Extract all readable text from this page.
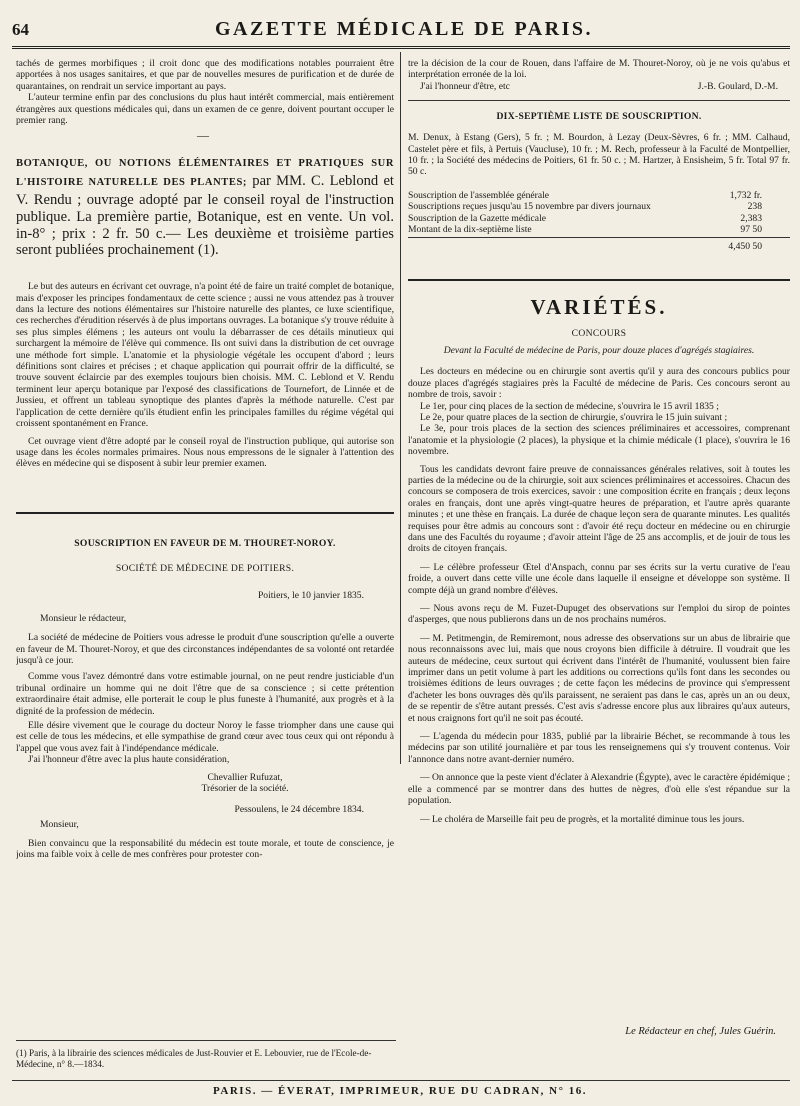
64	GAZETTE MÉDICALE DE PARIS.

tachés de germes morbifiques ; il croit donc que des modifications notables pourraient être apportées à nos usages sanitaires, et que par de nouvelles mesures de purification et de durée de quarantaines, on rendrait un service important au pays.

L'auteur termine enfin par des conclusions du plus haut intérêt commercial, mais entièrement étrangères aux questions médicales qui, dans un examen de ce genre, doivent pourtant occuper le premier rang.

—
BOTANIQUE, OU NOTIONS ÉLÉMENTAIRES ET PRATIQUES SUR L'HISTOIRE NATURELLE DES PLANTES; par MM. C. Leblond et V. Rendu ; ouvrage adopté par le conseil royal de l'instruction publique. La première partie, Botanique, est en vente. Un vol. in-8° ; prix : 2 fr. 50 c.— Les deuxième et troisième parties seront publiées prochainement (1).

Le but des auteurs en écrivant cet ouvrage, n'a point été de faire un traité complet de botanique, mais d'exposer les principes fondamentaux de cette science ; aussi ne vous attendez pas à trouver dans la lecture des notions élémentaires sur l'histoire naturelle des plantes, ce luxe scientifique, ces recherches d'érudition réservés à de plus importans ouvrages. La botanique s'y trouve réduite à ses plus simples élémens ; les auteurs ont voulu la débarrasser de ces détails minutieux qui surchargent la mémoire de l'élève qui commence. Ils ont suivi dans la distribution de cet ouvrage une méthode fort simple. L'anatomie et la physiologie végétale les occupent d'abord ; leurs définitions sont claires et précises ; et chaque application qui pourrait offrir de la difficulté, se trouve souvent éclaircie par des exemples toujours bien choisis. MM. C. Leblond et V. Rendu terminent leur aperçu botanique par l'exposé des classifications de Tournefort, de Linnée et de Jussieu, et offrent un tableau synoptique des plantes d'après la méthode naturelle. C'est par l'application de cette dernière qu'ils étudient enfin les principales familles du régime végétal qui croissent spontanément en France.

Cet ouvrage vient d'être adopté par le conseil royal de l'instruction publique, qui autorise son usage dans les écoles normales primaires. Nous nous empressons de le signaler à l'attention des élèves en médecine qui se disposent à subir leur premier examen.

SOUSCRIPTION EN FAVEUR DE M. THOURET-NOROY.
SOCIÉTÉ DE MÉDECINE DE POITIERS.
Poitiers, le 10 janvier 1835.

Monsieur le rédacteur,

La société de médecine de Poitiers vous adresse le produit d'une souscription qu'elle a ouverte en faveur de M. Thouret-Noroy, et que des circonstances indépendantes de sa volonté ont retardée jusqu'à ce jour.

Comme vous l'avez démontré dans votre estimable journal, on ne peut rendre justiciable d'un tribunal ordinaire un homme qui ne doit l'être que de sa conscience ; si cette prétention extraordinaire était admise, elle porterait le coup le plus funeste à l'humanité, aux progrès et à la dignité de la profession de médecin.

Elle désire vivement que le courage du docteur Noroy le fasse triompher dans une cause qui est celle de tous les médecins, et elle sympathise de grand cœur avec tous ceux qui ont répondu à l'appel que vous avez fait à l'indépendance médicale.

J'ai l'honneur d'être avec la plus haute considération,

Chevallier Rufuzat,
Trésorier de la société.
Pessoulens, le 24 décembre 1834.

Monsieur,

Bien convaincu que la responsabilité du médecin est toute morale, et toute de conscience, je joins ma faible voix à celle de mes confrères pour protester con-

(1) Paris, à la librairie des sciences médicales de Just-Rouvier et E. Lebouvier, rue de l'Ecole-de-Médecine, n° 8.—1834.

tre la décision de la cour de Rouen, dans l'affaire de M. Thouret-Noroy, où je ne vois qu'abus et interprétation erronée de la loi.

J'ai l'honneur d'être, etc	J.-B. Goulard, D.-M.
DIX-SEPTIÈME LISTE DE SOUSCRIPTION.

M. Denux, à Estang (Gers), 5 fr. ; M. Bourdon, à Lezay (Deux-Sèvres, 6 fr. ; MM. Calhaud, Castelet père et fils, à Pertuis (Vaucluse), 10 fr. ; M. Rech, professeur à la Faculté de Montpellier, 10 fr. ; la Société des médecins de Poitiers, 61 fr. 50 c. ; M. Hartzer, à Ensisheim, 5 fr. Total 97 fr. 50 c.

Souscription de l'assemblée générale	1,732 fr.
Souscriptions reçues jusqu'au 15 novembre par divers journaux	238
Souscription de la Gazette médicale	2,383
Montant de la dix-septième liste	97 50
4,450 50
VARIÉTÉS.
CONCOURS
Devant la Faculté de médecine de Paris, pour douze places d'agrégés stagiaires.

Les docteurs en médecine ou en chirurgie sont avertis qu'il y aura des concours publics pour douze places d'agrégés stagiaires près la Faculté de médecine de Paris. Ces concours seront au nombre de trois, savoir :

Le 1er, pour cinq places de la section de médecine, s'ouvrira le 15 avril 1835 ;

Le 2e, pour quatre places de la section de chirurgie, s'ouvrira le 15 juin suivant ;

Le 3e, pour trois places de la section des sciences préliminaires et accessoires, comprenant l'anatomie et la physiologie (2 places), la physique et la chimie médicale (1 place), s'ouvrira le 16 novembre.

Tous les candidats devront faire preuve de connaissances générales relatives, soit à toutes les parties de la médecine ou de la chirurgie, soit aux sciences préliminaires et accessoires. Chacun des concours se composera de trois exercices, savoir : une composition écrite en français ; deux leçons orales en français, dont une après vingt-quatre heures de préparation, et l'autre après quarante minutes ; et une thèse en français. La durée de chaque leçon sera de quarante minutes. Les qualités requises pour être admis au concours sont : d'avoir été reçu docteur en médecine ou en chirurgie dans une des Facultés du royaume ; d'avoir atteint l'âge de 25 ans accomplis, et de jouir de tous les droits de citoyen français.

— Le célèbre professeur Œtel d'Anspach, connu par ses écrits sur la vertu curative de l'eau froide, a ouvert dans cette ville une école dans laquelle il enseigne et développe son système. Il compte déjà un grand nombre d'élèves.

— Nous avons reçu de M. Fuzet-Dupuget des observations sur l'emploi du sirop de pointes d'asperges, que nous publierons dans un de nos prochains numéros.

— M. Petitmengin, de Remiremont, nous adresse des observations sur un abus de librairie que nous reconnaissons avec lui, mais que nous croyons bien difficile à détruire. Il voudrait que les auteurs de médecine, ceux surtout qui écrivent dans l'intérêt de l'humanité, voulussent bien faire imprimer dans un petit volume à part les additions ou corrections qu'ils font dans les secondes ou troisièmes éditions de leurs ouvrages ; de cette façon les médecins de province qui s'empressent d'acheter les bons ouvrages dès qu'ils paraissent, ne seraient pas dans le cas, après un an ou deux, de se repentir de s'être autant pressés. C'est avis s'adresse encore plus aux libraires qu'aux auteurs, et nous craignons fort qu'il ne soit pas écouté.

— L'agenda du médecin pour 1835, publié par la librairie Béchet, se recommande à tous les médecins par son utilité journalière et par tous les renseignemens qui s'y trouvent contenus. Voir l'annonce dans notre avant-dernier numéro.

— On annonce que la peste vient d'éclater à Alexandrie (Égypte), avec le caractère épidémique ; elle a commencé par se montrer dans des huttes de nègres, d'où elle s'est répandue sur la population.

— Le choléra de Marseille fait peu de progrès, et la mortalité diminue tous les jours.

Le Rédacteur en chef, Jules Guérin.
PARIS. — ÉVERAT, IMPRIMEUR, RUE DU CADRAN, N° 16.
